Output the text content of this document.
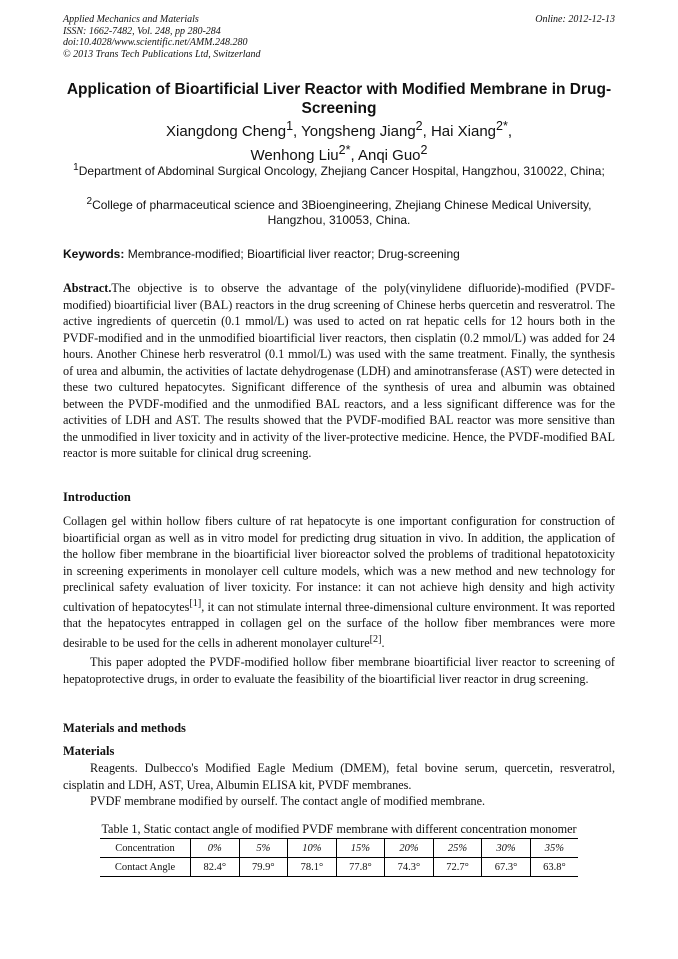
Applied Mechanics and Materials
ISSN: 1662-7482, Vol. 248, pp 280-284
doi:10.4028/www.scientific.net/AMM.248.280
© 2013 Trans Tech Publications Ltd, Switzerland
Online: 2012-12-13
Application of Bioartificial Liver Reactor with Modified Membrane in Drug-Screening
Xiangdong Cheng$^1$, Yongsheng Jiang$^2$, Hai Xiang$^{2*}$,
Wenhong Liu$^{2*}$, Anqi Guo$^2$
$^1$Department of Abdominal Surgical Oncology, Zhejiang Cancer Hospital, Hangzhou, 310022, China;
$^2$College of pharmaceutical science and 3Bioengineering, Zhejiang Chinese Medical University, Hangzhou, 310053, China.
Keywords: Membrance-modified; Bioartificial liver reactor; Drug-screening
Abstract.The objective is to observe the advantage of the poly(vinylidene difluoride)-modified (PVDF-modified) bioartificial liver (BAL) reactors in the drug screening of Chinese herbs quercetin and resveratrol. The active ingredients of quercetin (0.1 mmol/L) was used to acted on rat hepatic cells for 12 hours both in the PVDF-modified and in the unmodified bioartificial liver reactors, then cisplatin (0.2 mmol/L) was added for 24 hours. Another Chinese herb resveratrol (0.1 mmol/L) was used with the same treatment. Finally, the synthesis of urea and albumin, the activities of lactate dehydrogenase (LDH) and aminotransferase (AST) were detected in these two cultured hepatocytes. Significant difference of the synthesis of urea and albumin was obtained between the PVDF-modified and the unmodified BAL reactors, and a less significant difference was for the activities of LDH and AST. The results showed that the PVDF-modified BAL reactor was more sensitive than the unmodified in liver toxicity and in activity of the liver-protective medicine. Hence, the PVDF-modified BAL reactor is more suitable for clinical drug screening.
Introduction
Collagen gel within hollow fibers culture of rat hepatocyte is one important configuration for construction of bioartificial organ as well as in vitro model for predicting drug situation in vivo. In addition, the application of the hollow fiber membrane in the bioartificial liver bioreactor solved the problems of traditional hepatotoxicity in screening experiments in monolayer cell culture models, which was a new method and new technology for preclinical safety evaluation of liver toxicity. For instance: it can not achieve high density and high activity cultivation of hepatocytes[1], it can not stimulate internal three-dimensional culture environment. It was reported that the hepatocytes entrapped in collagen gel on the surface of the hollow fiber membrances were more desirable to be used for the cells in adherent monolayer culture[2].
This paper adopted the PVDF-modified hollow fiber membrane bioartificial liver reactor to screening of hepatoprotective drugs, in order to evaluate the feasibility of the bioartificial liver reactor in drug screening.
Materials and methods
Materials
Reagents. Dulbecco's Modified Eagle Medium (DMEM), fetal bovine serum, quercetin, resveratrol, cisplatin and LDH, AST, Urea, Albumin ELISA kit, PVDF membranes.
PVDF membrane modified by ourself. The contact angle of modified membrane.
Table 1, Static contact angle of modified PVDF membrane with different concentration monomer
Concentration	0%	5%	10%	15%	20%	25%	30%	35%
Contact Angle	82.4°	79.9°	78.1°	77.8°	74.3°	72.7°	67.3°	63.8°
